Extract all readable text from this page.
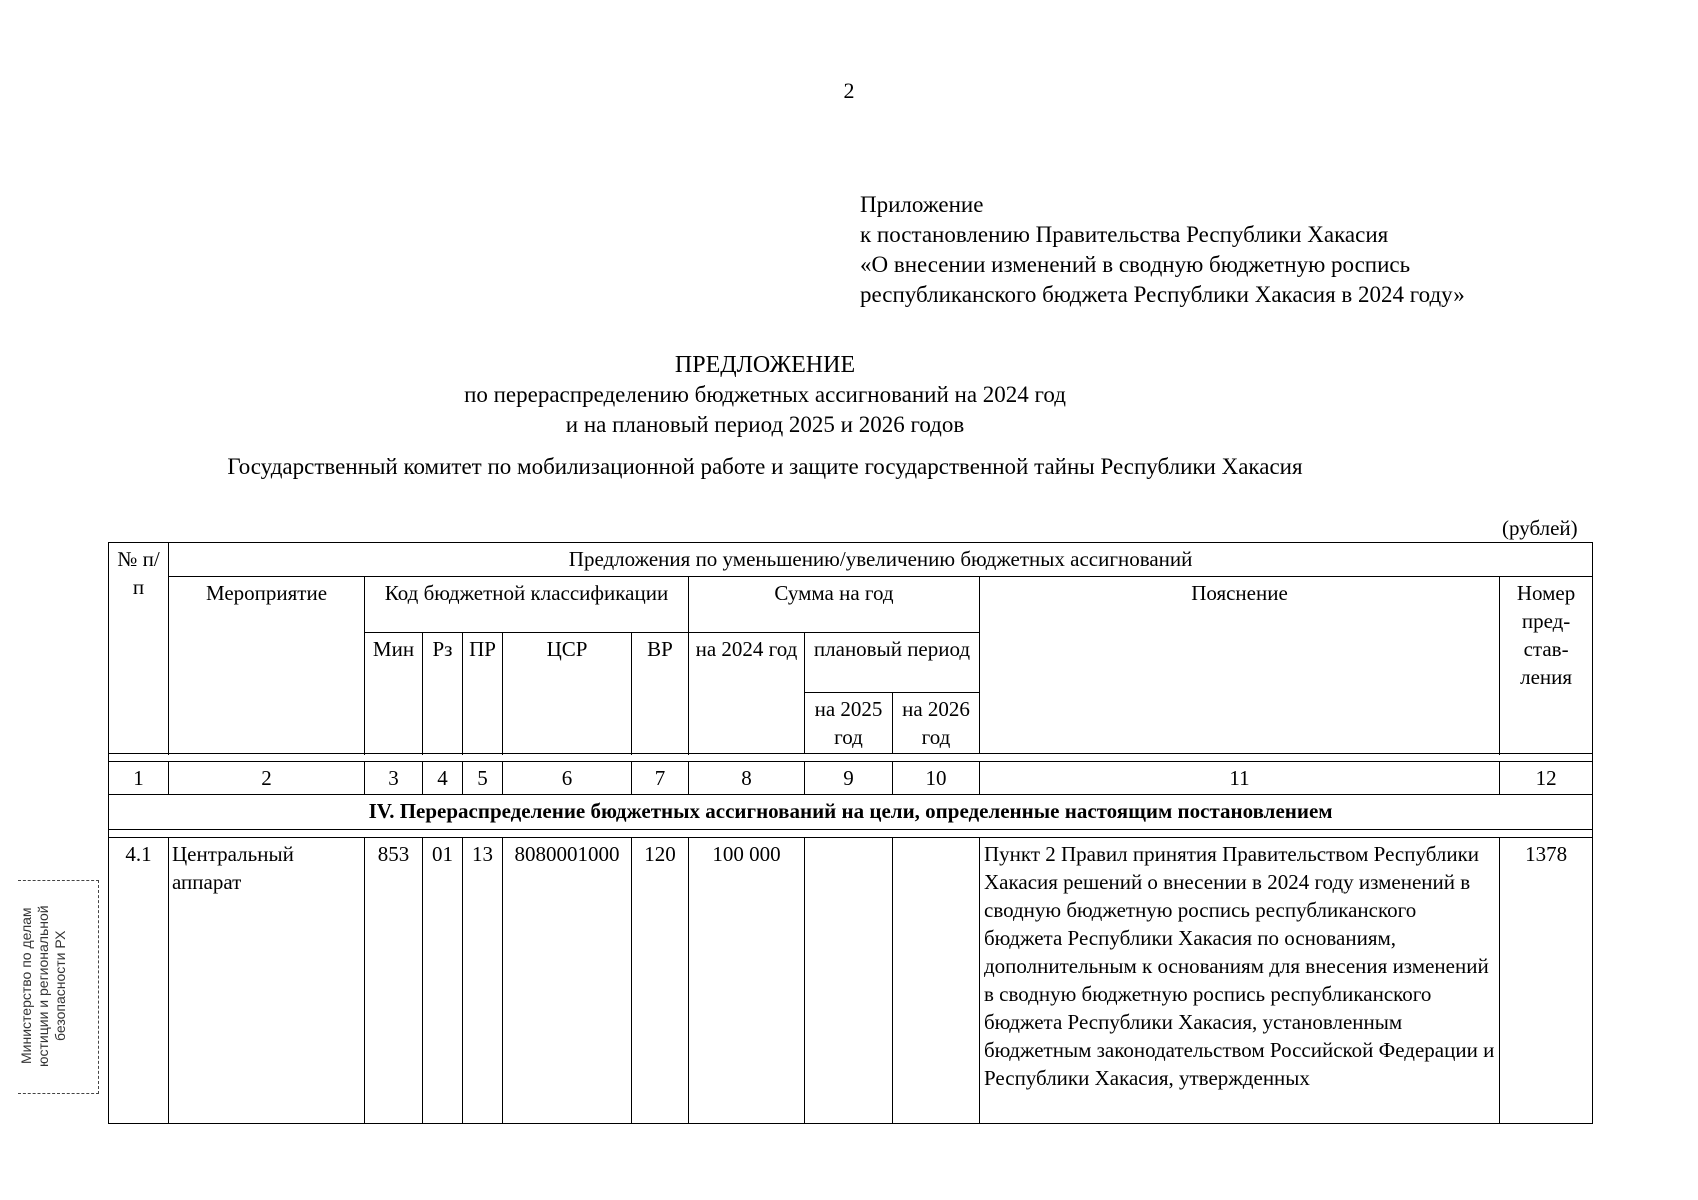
2
Приложение
к постановлению Правительства Республики Хакасия
«О внесении изменений в сводную бюджетную роспись
республиканского бюджета Республики Хакасия в 2024 году»
ПРЕДЛОЖЕНИЕ
по перераспределению бюджетных ассигнований на 2024 год
и на плановый период 2025 и 2026 годов
Государственный комитет по мобилизационной работе и защите государственной тайны Республики Хакасия
(рублей)
№ п/п	Предложения по уменьшению/увеличению бюджетных ассигнований										
	Мероприятие	Код бюджетной классификации					Сумма на год			Пояснение	Номер пред-став-ления
		Мин	Рз	ПР	ЦСР	ВР	на 2024 год	плановый период			
								на 2025 год	на 2026 год		

1	2	3	4	5	6	7	8	9	10	11	12
IV. Перераспределение бюджетных ассигнований на цели, определенные настоящим постановлением											

4.1	Центральный аппарат	853	01	13	8080001000	120	100 000			Пункт 2 Правил принятия Правительством Республики Хакасия решений о внесении в 2024 году изменений в сводную бюджетную роспись республиканского бюджета Республики Хакасия по основаниям, дополнительным к основаниям для внесения изменений в сводную бюджетную роспись республиканского бюджета Республики Хакасия, установленным бюджетным законодательством Российской Федерации и Республики Хакасия, утвержденных	1378
Министерство по делам юстиции и региональной безопасности РХ
